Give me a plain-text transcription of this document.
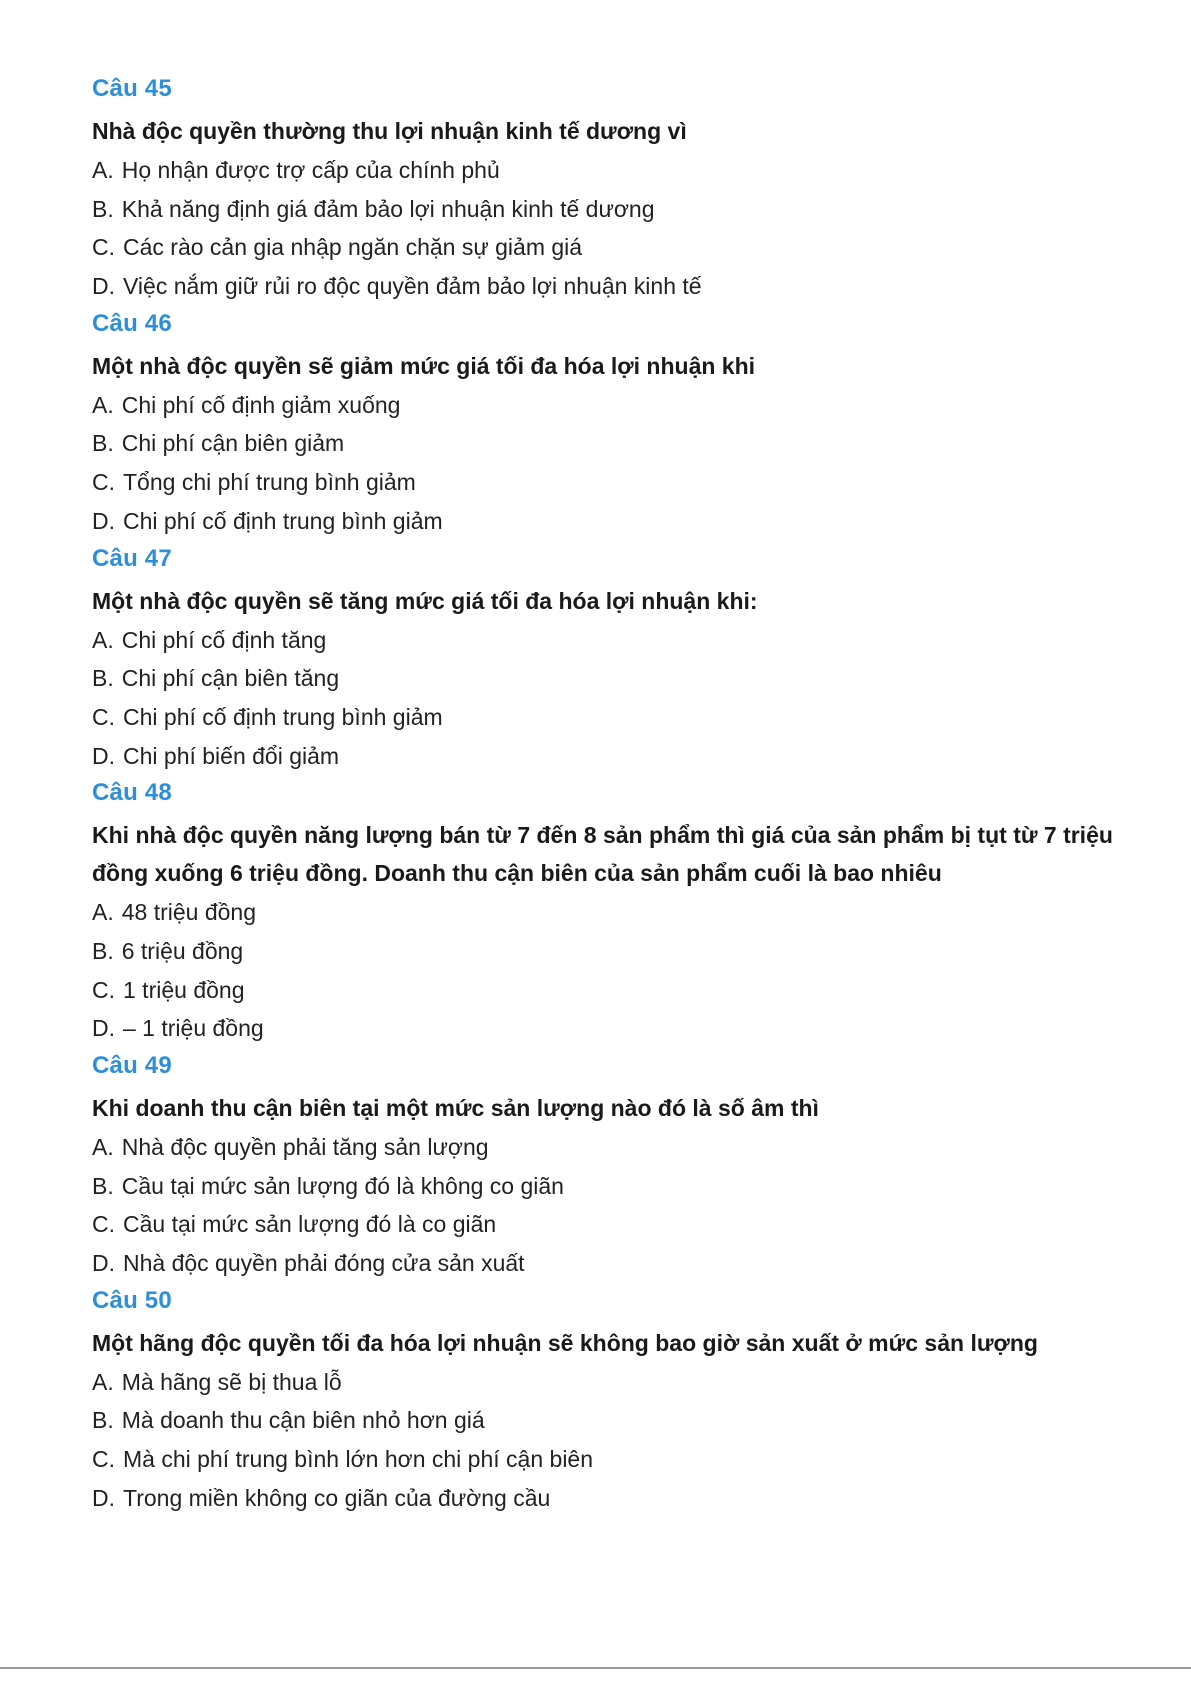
Câu 45
Nhà độc quyền thường thu lợi nhuận kinh tế dương vì
A. Họ nhận được trợ cấp của chính phủ
B. Khả năng định giá đảm bảo lợi nhuận kinh tế dương
C. Các rào cản gia nhập ngăn chặn sự giảm giá
D. Việc nắm giữ rủi ro độc quyền đảm bảo lợi nhuận kinh tế
Câu 46
Một nhà độc quyền sẽ giảm mức giá tối đa hóa lợi nhuận khi
A. Chi phí cố định giảm xuống
B. Chi phí cận biên giảm
C. Tổng chi phí trung bình giảm
D. Chi phí cố định trung bình giảm
Câu 47
Một nhà độc quyền sẽ tăng mức giá tối đa hóa lợi nhuận khi:
A. Chi phí cố định tăng
B. Chi phí cận biên tăng
C. Chi phí cố định trung bình giảm
D. Chi phí biến đổi giảm
Câu 48
Khi nhà độc quyền năng lượng bán từ 7 đến 8 sản phẩm thì giá của sản phẩm bị tụt từ 7 triệu đồng xuống 6 triệu đồng. Doanh thu cận biên của sản phẩm cuối là bao nhiêu
A. 48 triệu đồng
B. 6 triệu đồng
C. 1 triệu đồng
D. – 1 triệu đồng
Câu 49
Khi doanh thu cận biên tại một mức sản lượng nào đó là số âm thì
A. Nhà độc quyền phải tăng sản lượng
B. Cầu tại mức sản lượng đó là không co giãn
C. Cầu tại mức sản lượng đó là co giãn
D. Nhà độc quyền phải đóng cửa sản xuất
Câu 50
Một hãng độc quyền tối đa hóa lợi nhuận sẽ không bao giờ sản xuất ở mức sản lượng
A. Mà hãng sẽ bị thua lỗ
B. Mà doanh thu cận biên nhỏ hơn giá
C. Mà chi phí trung bình lớn hơn chi phí cận biên
D. Trong miền không co giãn của đường cầu
